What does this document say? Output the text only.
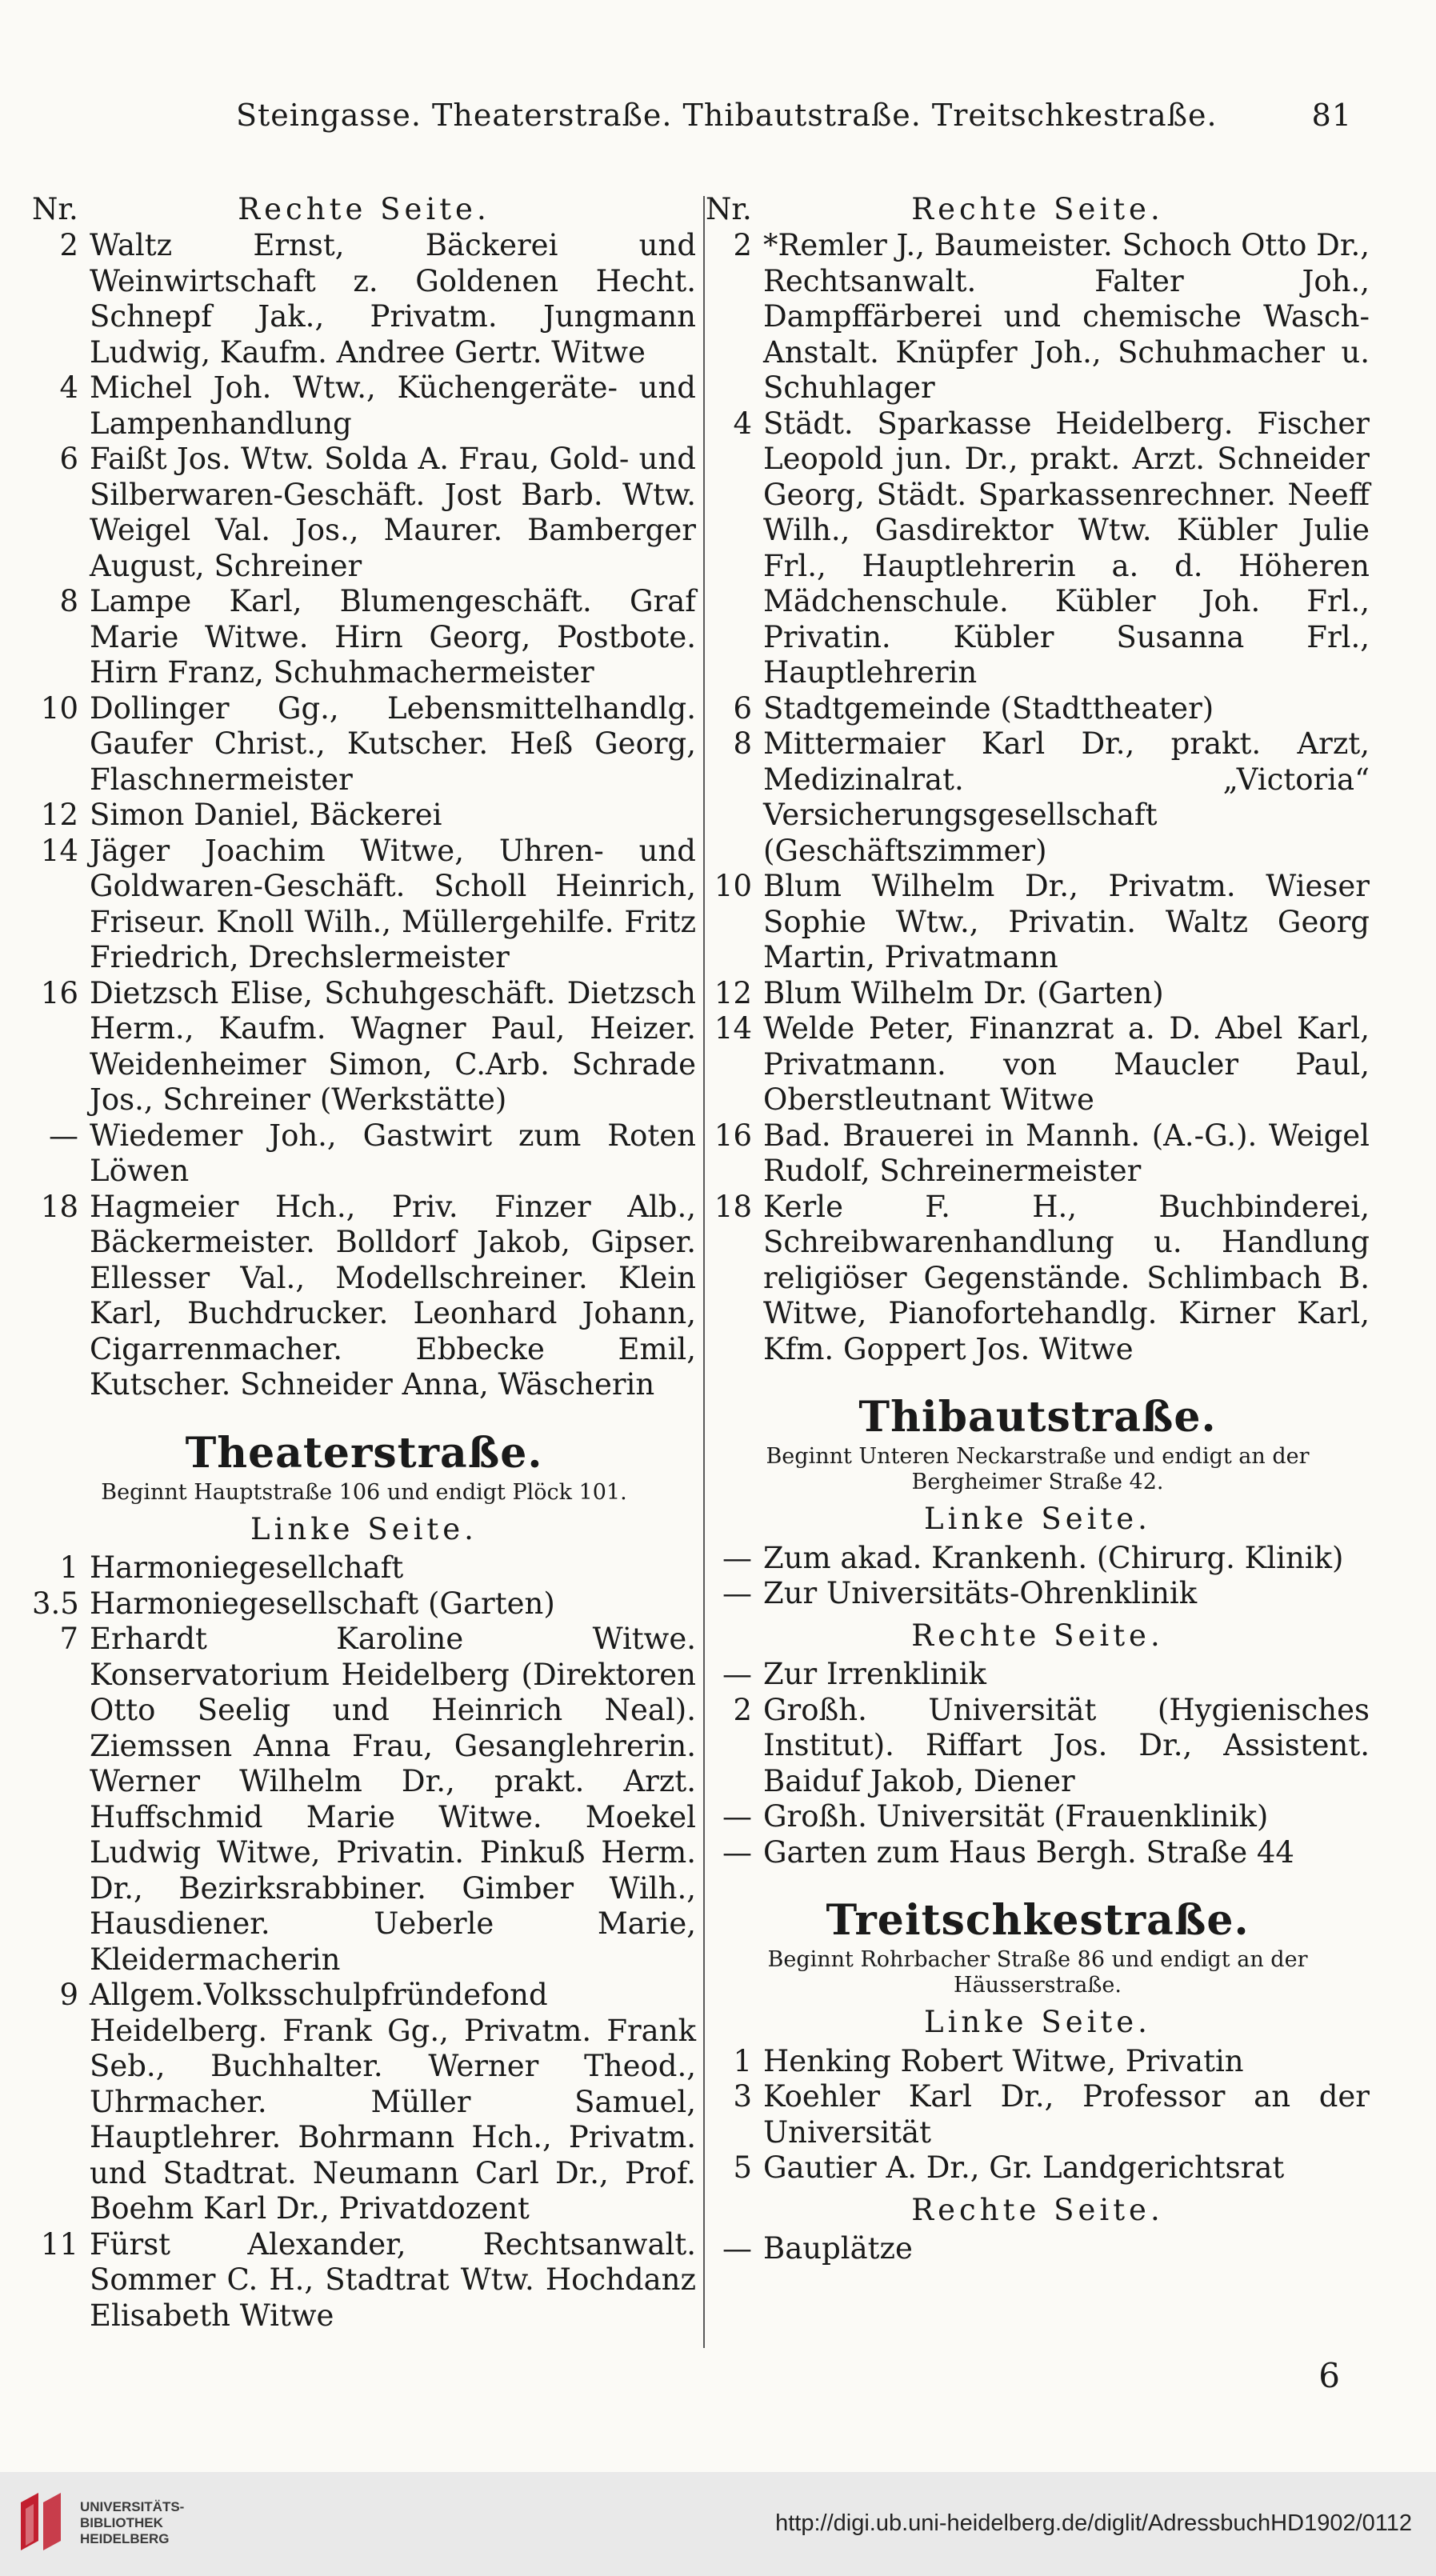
Steingasse. Theaterstraße. Thibautstraße. Treitschkestraße.	81
Nr.	Rechte Seite.
2 Waltz Ernst, Bäckerei und Weinwirtschaft z. Goldenen Hecht. Schnepf Jak., Privatm. Jungmann Ludwig, Kaufm. Andree Gertr. Witwe
4 Michel Joh. Wtw., Küchengeräte- und Lampenhandlung
6 Faißt Jos. Wtw. Solda A. Frau, Gold- und Silberwaren-Geschäft. Jost Barb. Wtw. Weigel Val. Jos., Maurer. Bamberger August, Schreiner
8 Lampe Karl, Blumengeschäft. Graf Marie Witwe. Hirn Georg, Postbote. Hirn Franz, Schuhmachermeister
10 Dollinger Gg., Lebensmittelhandlg. Gaufer Christ., Kutscher. Heß Georg, Flaschnermeister
12 Simon Daniel, Bäckerei
14 Jäger Joachim Witwe, Uhren- und Goldwaren-Geschäft. Scholl Heinrich, Friseur. Knoll Wilh., Müllergehilfe. Fritz Friedrich, Drechslermeister
16 Dietzsch Elise, Schuhgeschäft. Dietzsch Herm., Kaufm. Wagner Paul, Heizer. Weidenheimer Simon, C.Arb. Schrade Jos., Schreiner (Werkstätte)
— Wiedemer Joh., Gastwirt zum Roten Löwen
18 Hagmeier Hch., Priv. Finzer Alb., Bäckermeister. Bolldorf Jakob, Gipser. Ellesser Val., Modellschreiner. Klein Karl, Buchdrucker. Leonhard Johann, Cigarrenmacher. Ebbecke Emil, Kutscher. Schneider Anna, Wäscherin
Theaterstraße.
Beginnt Hauptstraße 106 und endigt Plöck 101.
Linke Seite.
1 Harmoniegesellchaft
3.5 Harmoniegesellschaft (Garten)
7 Erhardt Karoline Witwe. Konservatorium Heidelberg (Direktoren Otto Seelig und Heinrich Neal). Ziemssen Anna Frau, Gesanglehrerin. Werner Wilhelm Dr., prakt. Arzt. Huffschmid Marie Witwe. Moekel Ludwig Witwe, Privatin. Pinkuß Herm. Dr., Bezirksrabbiner. Gimber Wilh., Hausdiener. Ueberle Marie, Kleidermacherin
9 Allgem.Volksschulpfründefond Heidelberg. Frank Gg., Privatm. Frank Seb., Buchhalter. Werner Theod., Uhrmacher. Müller Samuel, Hauptlehrer. Bohrmann Hch., Privatm. und Stadtrat. Neumann Carl Dr., Prof. Boehm Karl Dr., Privatdozent
11 Fürst Alexander, Rechtsanwalt. Sommer C. H., Stadtrat Wtw. Hochdanz Elisabeth Witwe
Nr.	Rechte Seite.
2 *Remler J., Baumeister. Schoch Otto Dr., Rechtsanwalt. Falter Joh., Dampffärberei und chemische Wasch-Anstalt. Knüpfer Joh., Schuhmacher u. Schuhlager
4 Städt. Sparkasse Heidelberg. Fischer Leopold jun. Dr., prakt. Arzt. Schneider Georg, Städt. Sparkassenrechner. Neeff Wilh., Gasdirektor Wtw. Kübler Julie Frl., Hauptlehrerin a. d. Höheren Mädchenschule. Kübler Joh. Frl., Privatin. Kübler Susanna Frl., Hauptlehrerin
6 Stadtgemeinde (Stadttheater)
8 Mittermaier Karl Dr., prakt. Arzt, Medizinalrat. „Victoria“ Versicherungsgesellschaft (Geschäftszimmer)
10 Blum Wilhelm Dr., Privatm. Wieser Sophie Wtw., Privatin. Waltz Georg Martin, Privatmann
12 Blum Wilhelm Dr. (Garten)
14 Welde Peter, Finanzrat a. D. Abel Karl, Privatmann. von Maucler Paul, Oberstleutnant Witwe
16 Bad. Brauerei in Mannh. (A.-G.). Weigel Rudolf, Schreinermeister
18 Kerle F. H., Buchbinderei, Schreibwarenhandlung u. Handlung religiöser Gegenstände. Schlimbach B. Witwe, Pianofortehandlg. Kirner Karl, Kfm. Goppert Jos. Witwe
Thibautstraße.
Beginnt Unteren Neckarstraße und endigt an der Bergheimer Straße 42.
Linke Seite.
— Zum akad. Krankenh. (Chirurg. Klinik)
— Zur Universitäts-Ohrenklinik
Rechte Seite.
— Zur Irrenklinik
2 Großh. Universität (Hygienisches Institut). Riffart Jos. Dr., Assistent. Baiduf Jakob, Diener
— Großh. Universität (Frauenklinik)
— Garten zum Haus Bergh. Straße 44
Treitschkestraße.
Beginnt Rohrbacher Straße 86 und endigt an der Häusserstraße.
Linke Seite.
1 Henking Robert Witwe, Privatin
3 Koehler Karl Dr., Professor an der Universität
5 Gautier A. Dr., Gr. Landgerichtsrat
Rechte Seite.
— Bauplätze
6
UNIVERSITÄTS-
BIBLIOTHEK
HEIDELBERG
http://digi.ub.uni-heidelberg.de/diglit/AdressbuchHD1902/0112
